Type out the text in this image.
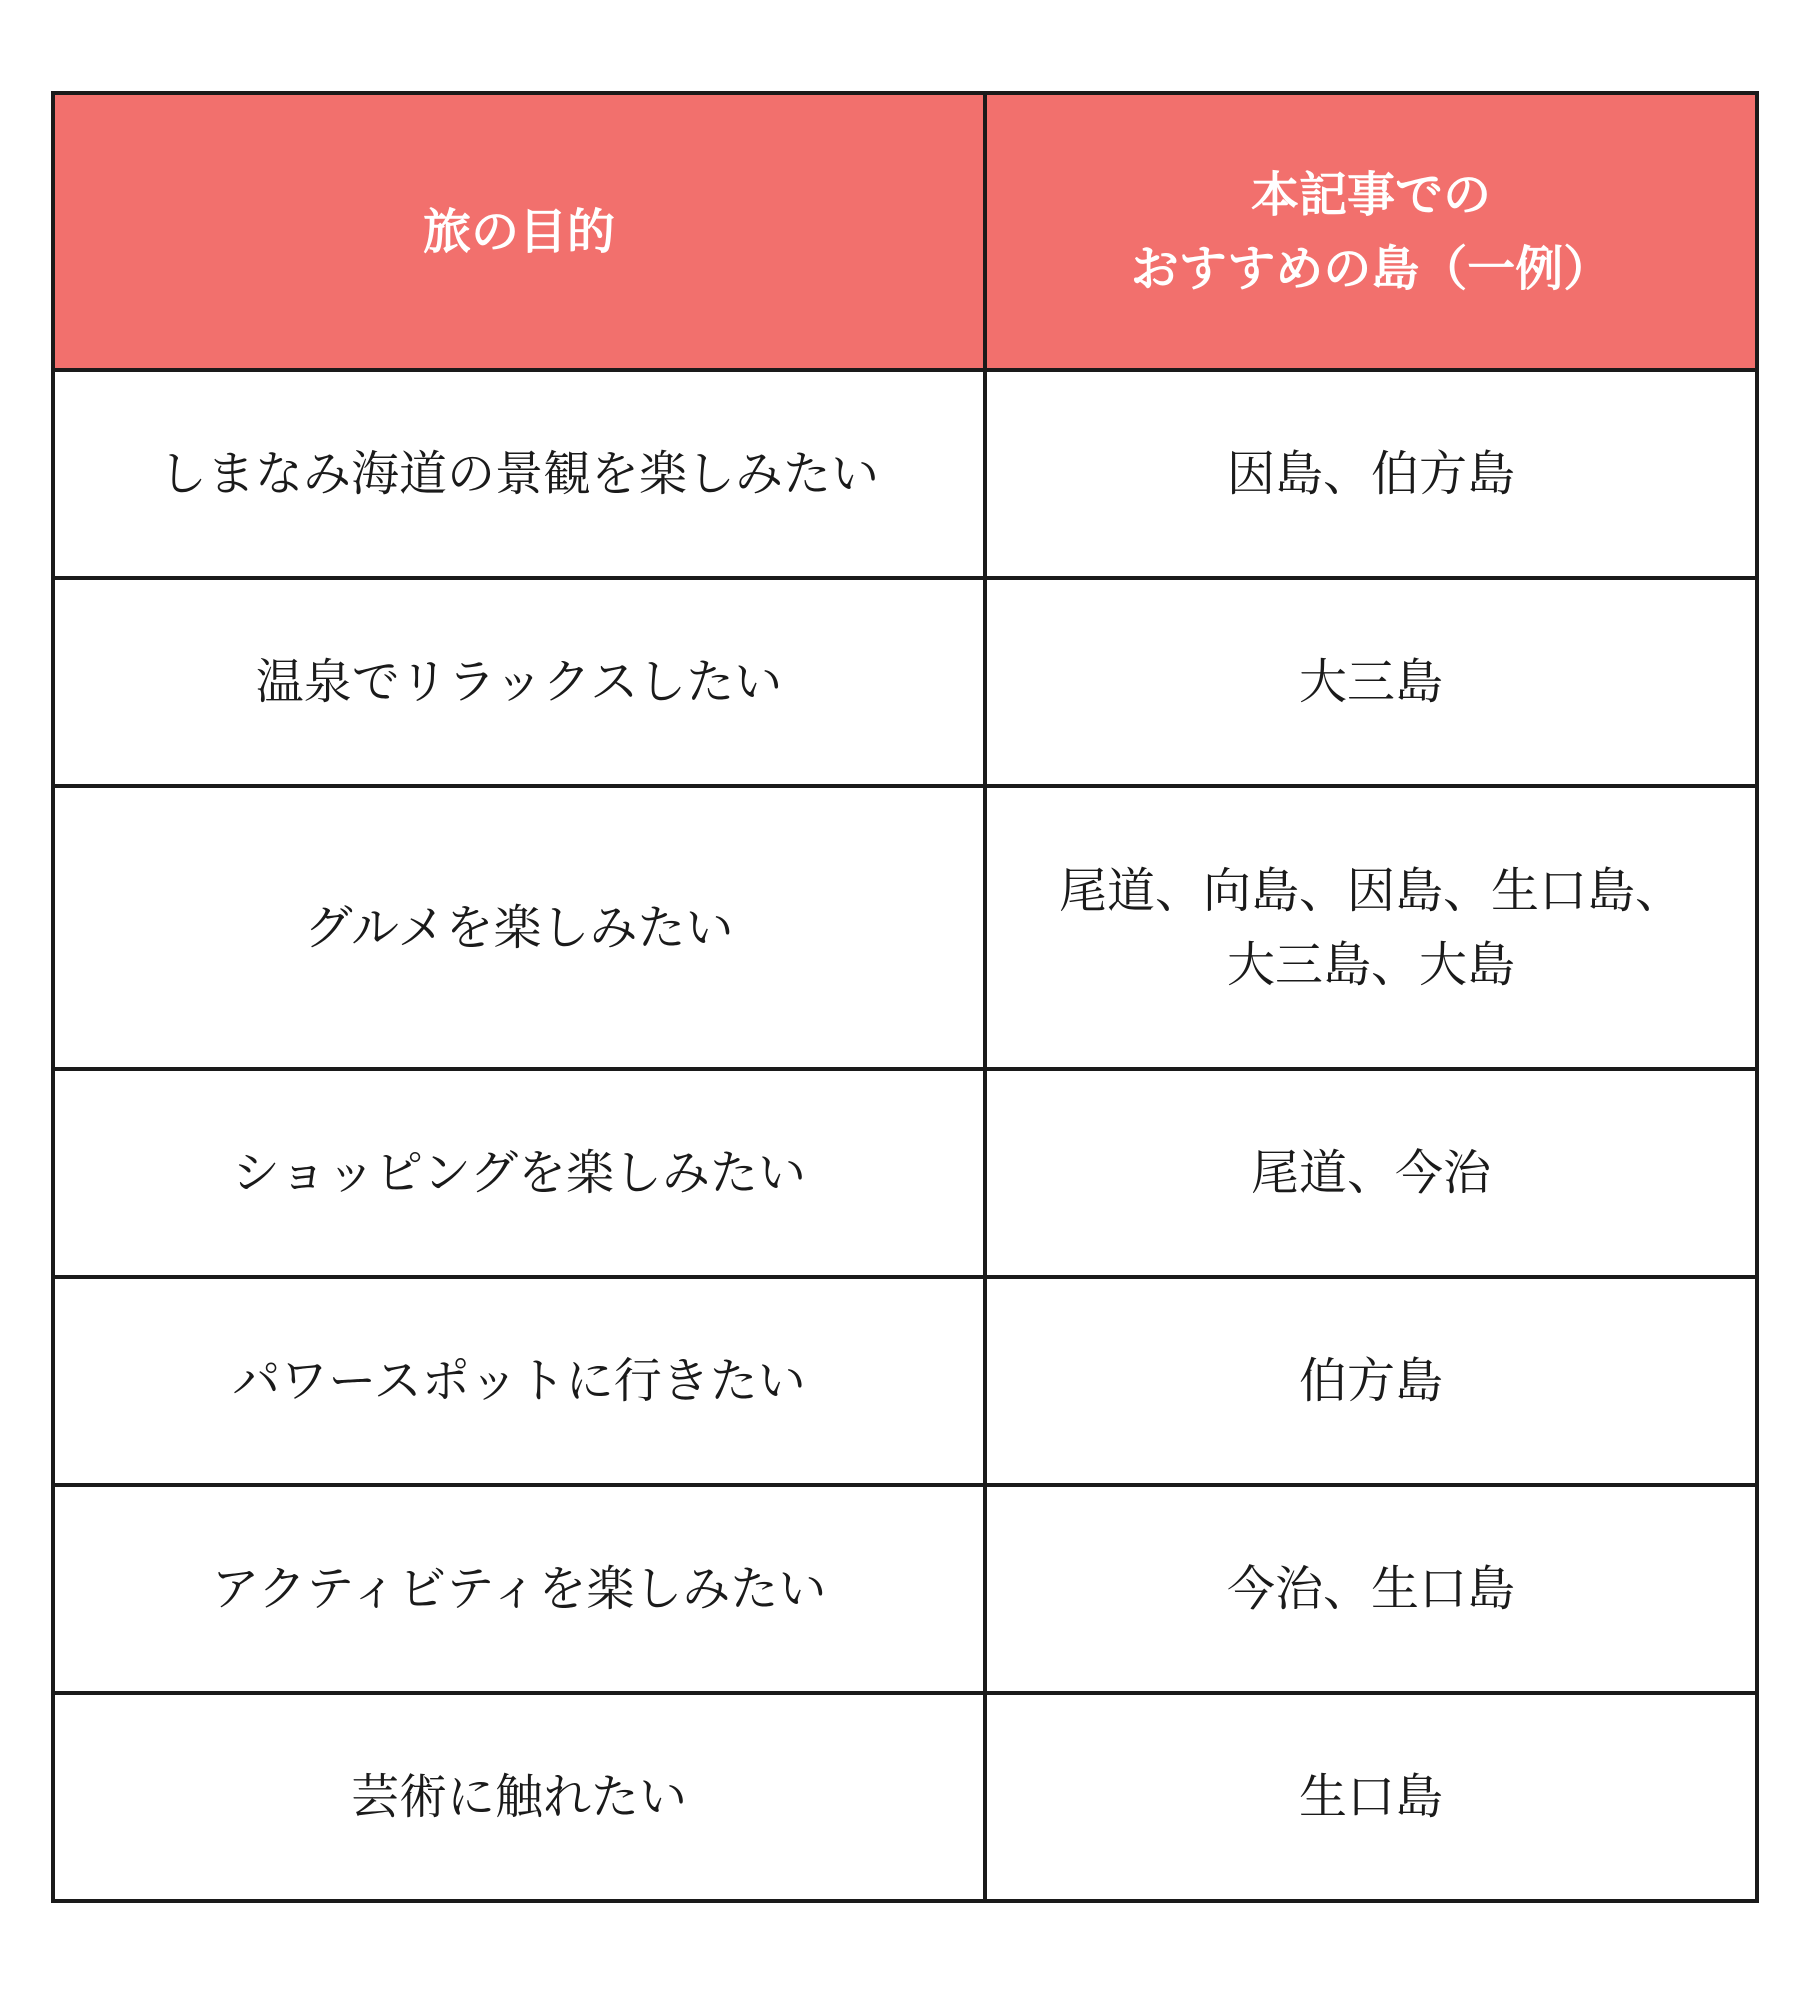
旅の目的	本記事での
おすすめの島（一例）

しまなみ海道の景観を楽しみたい	因島、伯方島

温泉でリラックスしたい	大三島

グルメを楽しみたい	尾道、向島、因島、生口島、
大三島、大島

ショッピングを楽しみたい	尾道、今治

パワースポットに行きたい	伯方島

アクティビティを楽しみたい	今治、生口島

芸術に触れたい	生口島
